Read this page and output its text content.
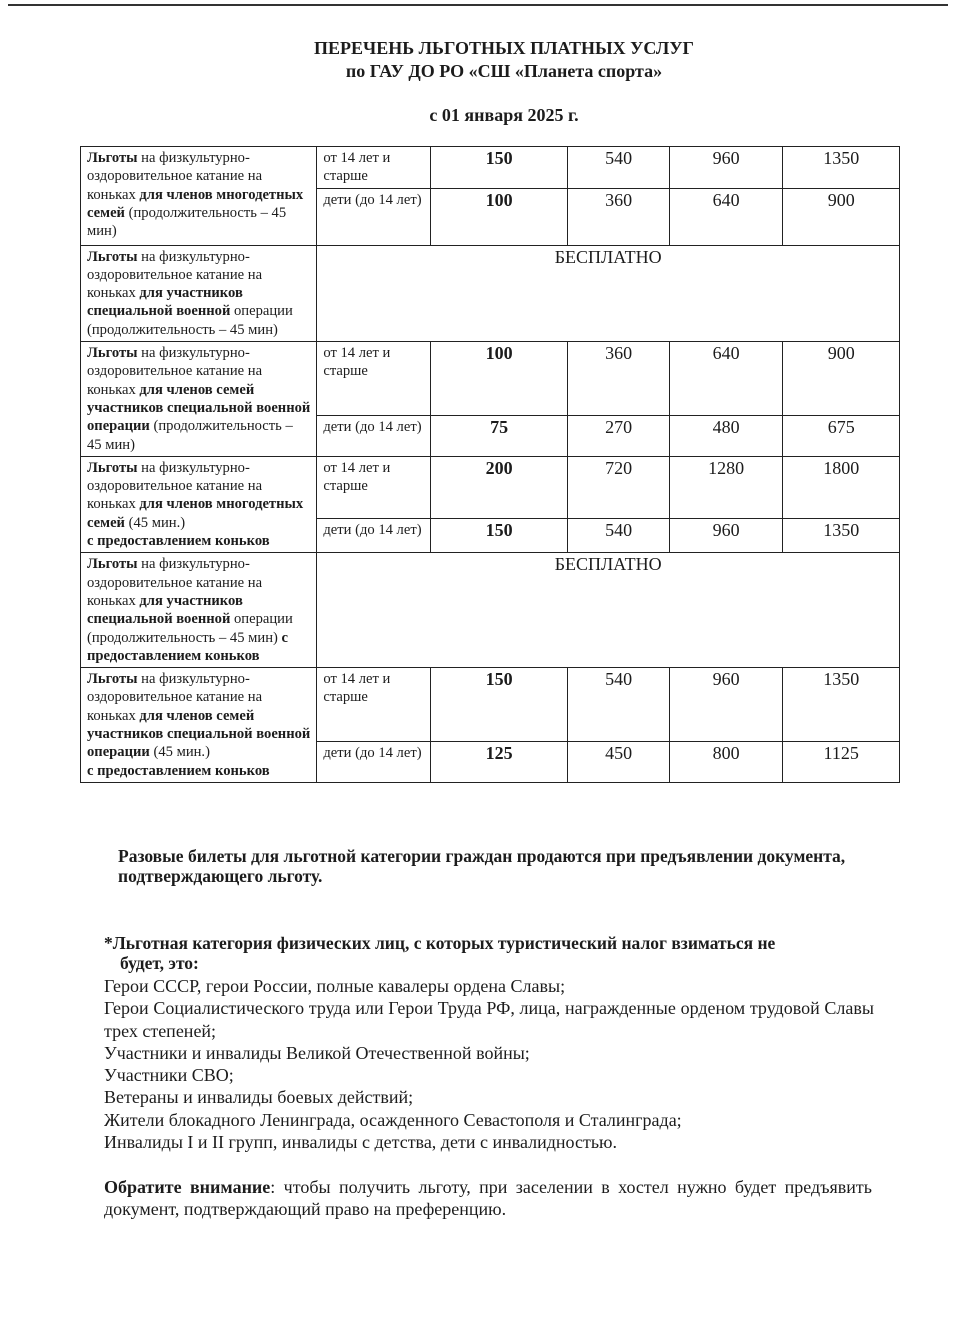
ПЕРЕЧЕНЬ ЛЬГОТНЫХ ПЛАТНЫХ УСЛУГ
по ГАУ ДО РО «СШ «Планета спорта»
с 01 января 2025 г.
Льготы на физкультурно-оздоровительное катание на коньках для членов многодетных семей (продолжительность – 45 мин)	от 14 лет и старше	150	540	960	1350
	дети (до 14 лет)	100	360	640	900
Льготы на физкультурно-оздоровительное катание на коньках для участников специальной военной операции (продолжительность – 45 мин)	БЕСПЛАТНО				
Льготы на физкультурно-оздоровительное катание на коньках для членов семей участников специальной военной операции (продолжительность – 45 мин)	от 14 лет и старше	100	360	640	900
	дети (до 14 лет)	75	270	480	675
Льготы на физкультурно-оздоровительное катание на коньках для членов многодетных семей (45 мин.)
с предоставлением коньков	от 14 лет и старше	200	720	1280	1800
	дети (до 14 лет)	150	540	960	1350
Льготы на физкультурно-оздоровительное катание на коньках для участников специальной военной операции (продолжительность – 45 мин) с предоставлением коньков	БЕСПЛАТНО				
Льготы на физкультурно-оздоровительное катание на коньках для членов семей участников специальной военной операции (45 мин.)
с предоставлением коньков	от 14 лет и старше	150	540	960	1350
	дети (до 14 лет)	125	450	800	1125
Разовые билеты для льготной категории граждан продаются при предъявлении документа, подтверждающего льготу.
*Льготная категория физических лиц, с которых туристический налог взиматься не
будет, это:
Герои СССР, герои России, полные кавалеры ордена Славы;
Герои Социалистического труда или Герои Труда РФ, лица, награжденные орденом трудовой Славы трех степеней;
Участники и инвалиды Великой Отечественной войны;
Участники СВО;
Ветераны и инвалиды боевых действий;
Жители блокадного Ленинграда, осажденного Севастополя и Сталинграда;
Инвалиды I и II групп, инвалиды с детства, дети с инвалидностью.
Обратите внимание: чтобы получить льготу, при заселении в хостел нужно будет предъявить документ, подтверждающий право на преференцию.
